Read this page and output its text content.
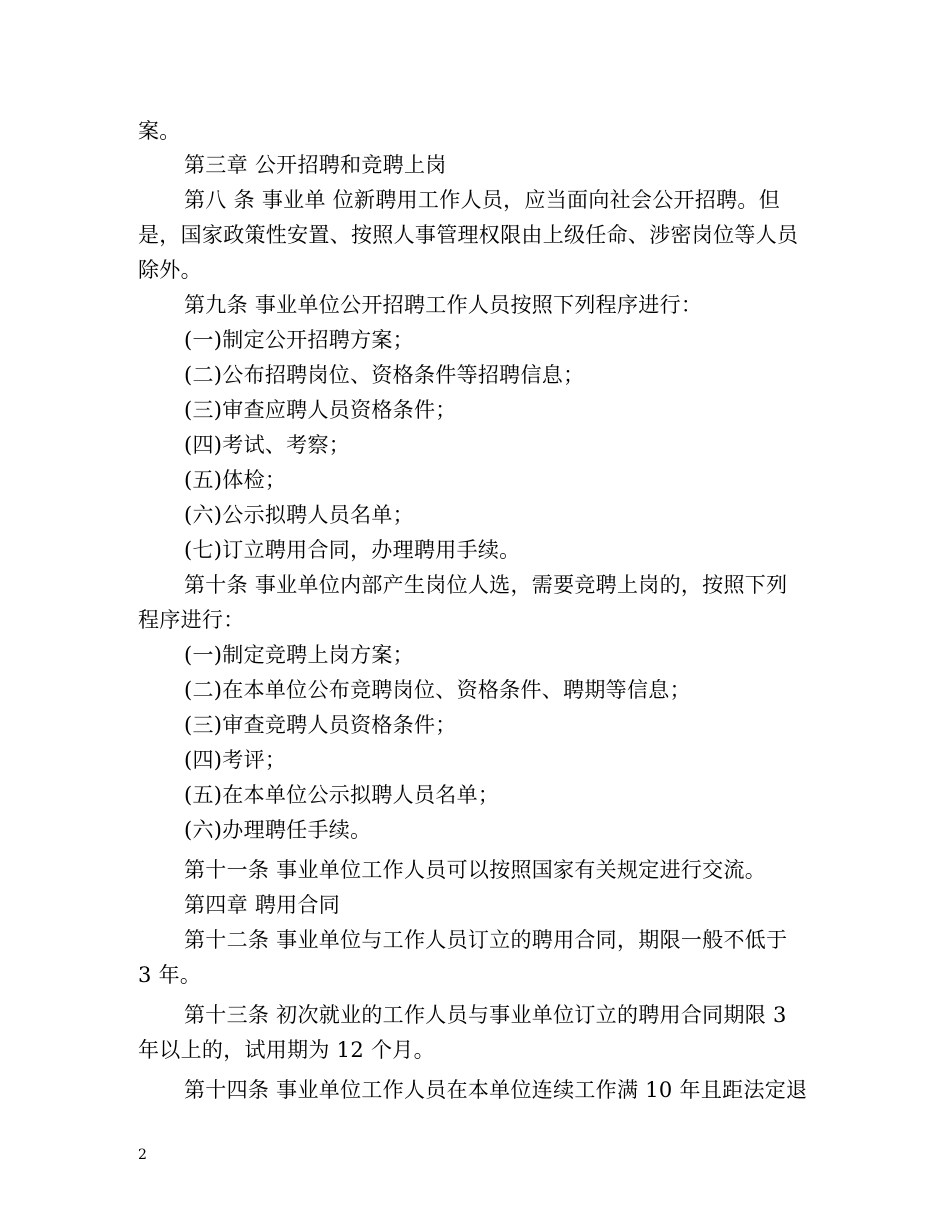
案。
第三章 公开招聘和竞聘上岗
第八 条 事业单 位新聘用工作人员，应当面向社会公开招聘。但
是，国家政策性安置、按照人事管理权限由上级任命、涉密岗位等人员
除外。
第九条 事业单位公开招聘工作人员按照下列程序进行：
(一)制定公开招聘方案；
(二)公布招聘岗位、资格条件等招聘信息；
(三)审查应聘人员资格条件；
(四)考试、考察；
(五)体检；
(六)公示拟聘人员名单；
(七)订立聘用合同，办理聘用手续。
第十条 事业单位内部产生岗位人选，需要竞聘上岗的，按照下列
程序进行：
(一)制定竞聘上岗方案；
(二)在本单位公布竞聘岗位、资格条件、聘期等信息；
(三)审查竞聘人员资格条件；
(四)考评；
(五)在本单位公示拟聘人员名单；
(六)办理聘任手续。
第十一条 事业单位工作人员可以按照国家有关规定进行交流。
第四章 聘用合同
第十二条 事业单位与工作人员订立的聘用合同，期限一般不低于
3 年。
第十三条 初次就业的工作人员与事业单位订立的聘用合同期限 3
年以上的，试用期为 12 个月。
第十四条 事业单位工作人员在本单位连续工作满 10 年且距法定退
2
